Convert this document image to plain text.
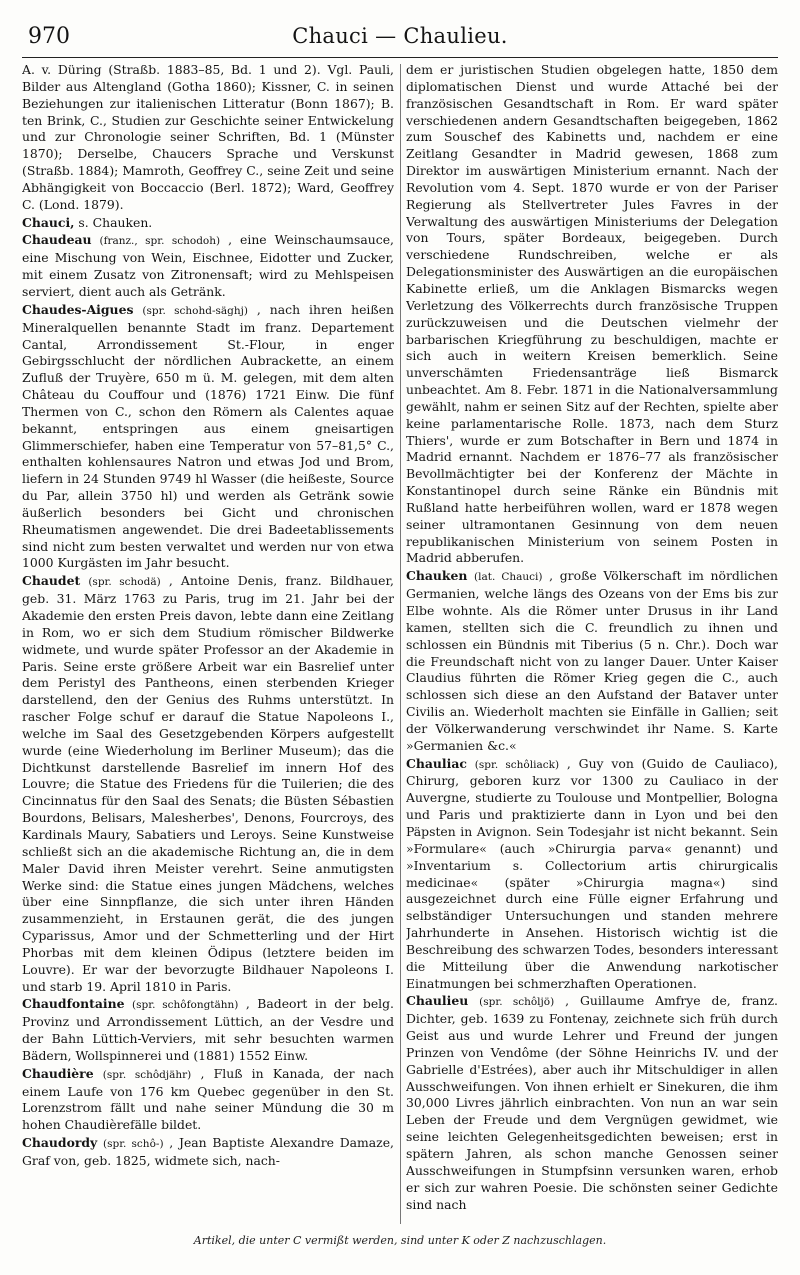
970	Chauci — Chaulieu.

A. v. Düring (Straßb. 1883–85, Bd. 1 und 2). Vgl. Pauli, Bilder aus Altengland (Gotha 1860); Kissner, C. in seinen Beziehungen zur italienischen Litteratur (Bonn 1867); B. ten Brink, C., Studien zur Geschichte seiner Entwickelung und zur Chronologie seiner Schriften, Bd. 1 (Münster 1870); Derselbe, Chaucers Sprache und Verskunst (Straßb. 1884); Mamroth, Geoffrey C., seine Zeit und seine Abhängigkeit von Boccaccio (Berl. 1872); Ward, Geoffrey C. (Lond. 1879).

Chauci, s. Chauken.

Chaudeau (franz., spr. schodoh) , eine Weinschaumsauce, eine Mischung von Wein, Eischnee, Eidotter und Zucker, mit einem Zusatz von Zitronensaft; wird zu Mehlspeisen serviert, dient auch als Getränk.

Chaudes-Aigues (spr. schohd-säghj) , nach ihren heißen Mineralquellen benannte Stadt im franz. Departement Cantal, Arrondissement St.-Flour, in enger Gebirgsschlucht der nördlichen Aubrackette, an einem Zufluß der Truyère, 650 m ü. M. gelegen, mit dem alten Château du Couffour und (1876) 1721 Einw. Die fünf Thermen von C., schon den Römern als Calentes aquae bekannt, entspringen aus einem gneisartigen Glimmerschiefer, haben eine Temperatur von 57–81,5° C., enthalten kohlensaures Natron und etwas Jod und Brom, liefern in 24 Stunden 9749 hl Wasser (die heißeste, Source du Par, allein 3750 hl) und werden als Getränk sowie äußerlich besonders bei Gicht und chronischen Rheumatismen angewendet. Die drei Badeetablissements sind nicht zum besten verwaltet und werden nur von etwa 1000 Kurgästen im Jahr besucht.

Chaudet (spr. schodä) , Antoine Denis, franz. Bildhauer, geb. 31. März 1763 zu Paris, trug im 21. Jahr bei der Akademie den ersten Preis davon, lebte dann eine Zeitlang in Rom, wo er sich dem Studium römischer Bildwerke widmete, und wurde später Professor an der Akademie in Paris. Seine erste größere Arbeit war ein Basrelief unter dem Peristyl des Pantheons, einen sterbenden Krieger darstellend, den der Genius des Ruhms unterstützt. In rascher Folge schuf er darauf die Statue Napoleons I., welche im Saal des Gesetzgebenden Körpers aufgestellt wurde (eine Wiederholung im Berliner Museum); das die Dichtkunst darstellende Basrelief im innern Hof des Louvre; die Statue des Friedens für die Tuilerien; die des Cincinnatus für den Saal des Senats; die Büsten Sébastien Bourdons, Belisars, Malesherbes', Denons, Fourcroys, des Kardinals Maury, Sabatiers und Leroys. Seine Kunstweise schließt sich an die akademische Richtung an, die in dem Maler David ihren Meister verehrt. Seine anmutigsten Werke sind: die Statue eines jungen Mädchens, welches über eine Sinnpflanze, die sich unter ihren Händen zusammenzieht, in Erstaunen gerät, die des jungen Cyparissus, Amor und der Schmetterling und der Hirt Phorbas mit dem kleinen Ödipus (letztere beiden im Louvre). Er war der bevorzugte Bildhauer Napoleons I. und starb 19. April 1810 in Paris.

Chaudfontaine (spr. schôfongtähn) , Badeort in der belg. Provinz und Arrondissement Lüttich, an der Vesdre und der Bahn Lüttich-Verviers, mit sehr besuchten warmen Bädern, Wollspinnerei und (1881) 1552 Einw.

Chaudière (spr. schôdjähr) , Fluß in Kanada, der nach einem Laufe von 176 km Quebec gegenüber in den St. Lorenzstrom fällt und nahe seiner Mündung die 30 m hohen Chaudièrefälle bildet.

Chaudordy (spr. schô-) , Jean Baptiste Alexandre Damaze, Graf von, geb. 1825, widmete sich, nach-

dem er juristischen Studien obgelegen hatte, 1850 dem diplomatischen Dienst und wurde Attaché bei der französischen Gesandtschaft in Rom. Er ward später verschiedenen andern Gesandtschaften beigegeben, 1862 zum Souschef des Kabinetts und, nachdem er eine Zeitlang Gesandter in Madrid gewesen, 1868 zum Direktor im auswärtigen Ministerium ernannt. Nach der Revolution vom 4. Sept. 1870 wurde er von der Pariser Regierung als Stellvertreter Jules Favres in der Verwaltung des auswärtigen Ministeriums der Delegation von Tours, später Bordeaux, beigegeben. Durch verschiedene Rundschreiben, welche er als Delegationsminister des Auswärtigen an die europäischen Kabinette erließ, um die Anklagen Bismarcks wegen Verletzung des Völkerrechts durch französische Truppen zurückzuweisen und die Deutschen vielmehr der barbarischen Kriegführung zu beschuldigen, machte er sich auch in weitern Kreisen bemerklich. Seine unverschämten Friedensanträge ließ Bismarck unbeachtet. Am 8. Febr. 1871 in die Nationalversammlung gewählt, nahm er seinen Sitz auf der Rechten, spielte aber keine parlamentarische Rolle. 1873, nach dem Sturz Thiers', wurde er zum Botschafter in Bern und 1874 in Madrid ernannt. Nachdem er 1876–77 als französischer Bevollmächtigter bei der Konferenz der Mächte in Konstantinopel durch seine Ränke ein Bündnis mit Rußland hatte herbeiführen wollen, ward er 1878 wegen seiner ultramontanen Gesinnung von dem neuen republikanischen Ministerium von seinem Posten in Madrid abberufen.

Chauken (lat. Chauci) , große Völkerschaft im nördlichen Germanien, welche längs des Ozeans von der Ems bis zur Elbe wohnte. Als die Römer unter Drusus in ihr Land kamen, stellten sich die C. freundlich zu ihnen und schlossen ein Bündnis mit Tiberius (5 n. Chr.). Doch war die Freundschaft nicht von zu langer Dauer. Unter Kaiser Claudius führten die Römer Krieg gegen die C., auch schlossen sich diese an den Aufstand der Bataver unter Civilis an. Wiederholt machten sie Einfälle in Gallien; seit der Völkerwanderung verschwindet ihr Name. S. Karte »Germanien &c.«

Chauliac (spr. schôliack) , Guy von (Guido de Cauliaco), Chirurg, geboren kurz vor 1300 zu Cauliaco in der Auvergne, studierte zu Toulouse und Montpellier, Bologna und Paris und praktizierte dann in Lyon und bei den Päpsten in Avignon. Sein Todesjahr ist nicht bekannt. Sein »Formulare« (auch »Chirurgia parva« genannt) und »Inventarium s. Collectorium artis chirurgicalis medicinae« (später »Chirurgia magna«) sind ausgezeichnet durch eine Fülle eigner Erfahrung und selbständiger Untersuchungen und standen mehrere Jahrhunderte in Ansehen. Historisch wichtig ist die Beschreibung des schwarzen Todes, besonders interessant die Mitteilung über die Anwendung narkotischer Einatmungen bei schmerzhaften Operationen.

Chaulieu (spr. schôljö) , Guillaume Amfrye de, franz. Dichter, geb. 1639 zu Fontenay, zeichnete sich früh durch Geist aus und wurde Lehrer und Freund der jungen Prinzen von Vendôme (der Söhne Heinrichs IV. und der Gabrielle d'Estrées), aber auch ihr Mitschuldiger in allen Ausschweifungen. Von ihnen erhielt er Sinekuren, die ihm 30,000 Livres jährlich einbrachten. Von nun an war sein Leben der Freude und dem Vergnügen gewidmet, wie seine leichten Gelegenheitsgedichten beweisen; erst in spätern Jahren, als schon manche Genossen seiner Ausschweifungen in Stumpfsinn versunken waren, erhob er sich zur wahren Poesie. Die schönsten seiner Gedichte sind nach

Artikel, die unter C vermißt werden, sind unter K oder Z nachzuschlagen.
